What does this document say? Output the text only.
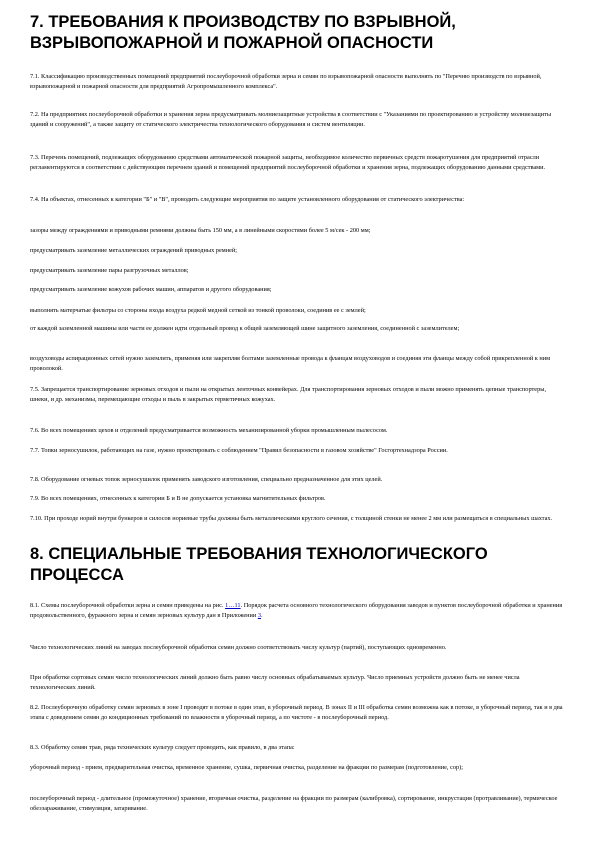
7. ТРЕБОВАНИЯ К ПРОИЗВОДСТВУ ПО ВЗРЫВНОЙ, ВЗРЫВОПОЖАРНОЙ И ПОЖАРНОЙ ОПАСНОСТИ

7.1. Классификацию производственных помещений предприятий послеуборочной обработки зерна и семян по взрывопожарной опасности выполнять по "Перечню производств по взрывной, взрывопожарной и пожарной опасности для предприятий Агропромышленного комплекса".

7.2. На предприятиях послеуборочной обработки и хранения зерна предусматривать молниезащитные устройства в соответствии с "Указаниями по проектированию и устройству молниезащиты зданий и сооружений", а также защиту от статического электричества технологического оборудования и систем вентиляции.

7.3. Перечень помещений, подлежащих оборудованию средствами автоматической пожарной защиты, необходимое количество первичных средств пожаротушения для предприятий отрасли регламентируются в соответствии с действующим перечнем зданий и помещений предприятий послеуборочной обработки и хранения зерна, подлежащих оборудованию данными средствами.

7.4. На объектах, отнесенных к категории "Б" и "В", проводить следующие мероприятия по защите установленного оборудования от статического электричества:

зазоры между ограждениями и приводными ремнями должны быть 150 мм, а в линейными скоростями более 5 м/сек - 200 мм;

предусматривать заземление металлических ограждений приводных ремней;

предусматривать заземление пары разгрузочных металлов;

предусматривать заземление кожухов рабочих машин, аппаратов и другого оборудования;

выполнять матерчатые фильтры со стороны входа воздуха редкой медной сеткой из тонкой проволоки, соединив ее с землей;

от каждой заземленной машины или части ее должен идти отдельный провод к общей заземляющей шине защитного заземления, соединенной с заземлителем;

воздуховоды аспирационных сетей нужно заземлить, применяя или закрепляя болтами заземленные провода к фланцам воздуховодов и соединяя эти фланцы между собой прикрепленной к ним проволокой.

7.5. Запрещается транспортирование зерновых отходов и пыли на открытых ленточных конвейерах. Для транспортирования зерновых отходов и пыли можно применять цепные транспортеры, шнеки, и др. механизмы, перемещающие отходы и пыль в закрытых герметичных кожухах.

7.6. Во всех помещениях цехов и отделений предусматривается возможность механизированной уборки промышленным пылесосом.

7.7. Топки зерносушилок, работающих на газе, нужно проектировать с соблюдением "Правил безопасности в газовом хозяйстве" Госгортехнадзора России.

7.8. Оборудование огневых топок зерносушилок применять заводского изготовления, специально предназначенное для этих целей.

7.9. Во всех помещениях, отнесенных к категории Б и В не допускается установка магнитительных фильтров.

7.10. При проходе норий внутри бункеров и силосов нориевые трубы должны быть металлическими круглого сечения, с толщиной стенки не менее 2 мм или размещаться в специальных шахтах.

8. СПЕЦИАЛЬНЫЕ ТРЕБОВАНИЯ ТЕХНОЛОГИЧЕСКОГО ПРОЦЕССА

8.1. Схемы послеуборочной обработки зерна и семян приведены на рис. 1…11. Порядок расчета основного технологического оборудования заводов и пунктов послеуборочной обработки и хранения продовольственного, фуражного зерна и семян зерновых культур дан в Приложении 3.

Число технологических линий на заводах послеуборочной обработки семян должно соответствовать числу культур (партий), поступающих одновременно.

При обработке сортовых семян число технологических линий должно быть равно числу основных обрабатываемых культур. Число приемных устройств должно быть не менее числа технологических линий.

8.2. Послеуборочную обработку семян зерновых в зоне I проводят в потоке в один этап, в уборочный период. В зонах II и III обработка семян возможна как в потоке, в уборочный период, так и в два этапа с доведением семян до кондиционных требований по влажности в уборочный период, а по чистоте - в послеуборочный период.

8.3. Обработку семян трав, ряда технических культур следует проводить, как правило, в два этапа:

уборочный период - прием, предварительная очистка, временное хранение, сушка, первичная очистка, разделение на фракции по размерам (подготовление, сор);

послеуборочный период - длительное (промежуточное) хранение, вторичная очистка, разделение на фракции по размерам (калибровка), сортирование, инкрустация (протравливание), термическое обеззараживание, стимуляция, затаривание.
